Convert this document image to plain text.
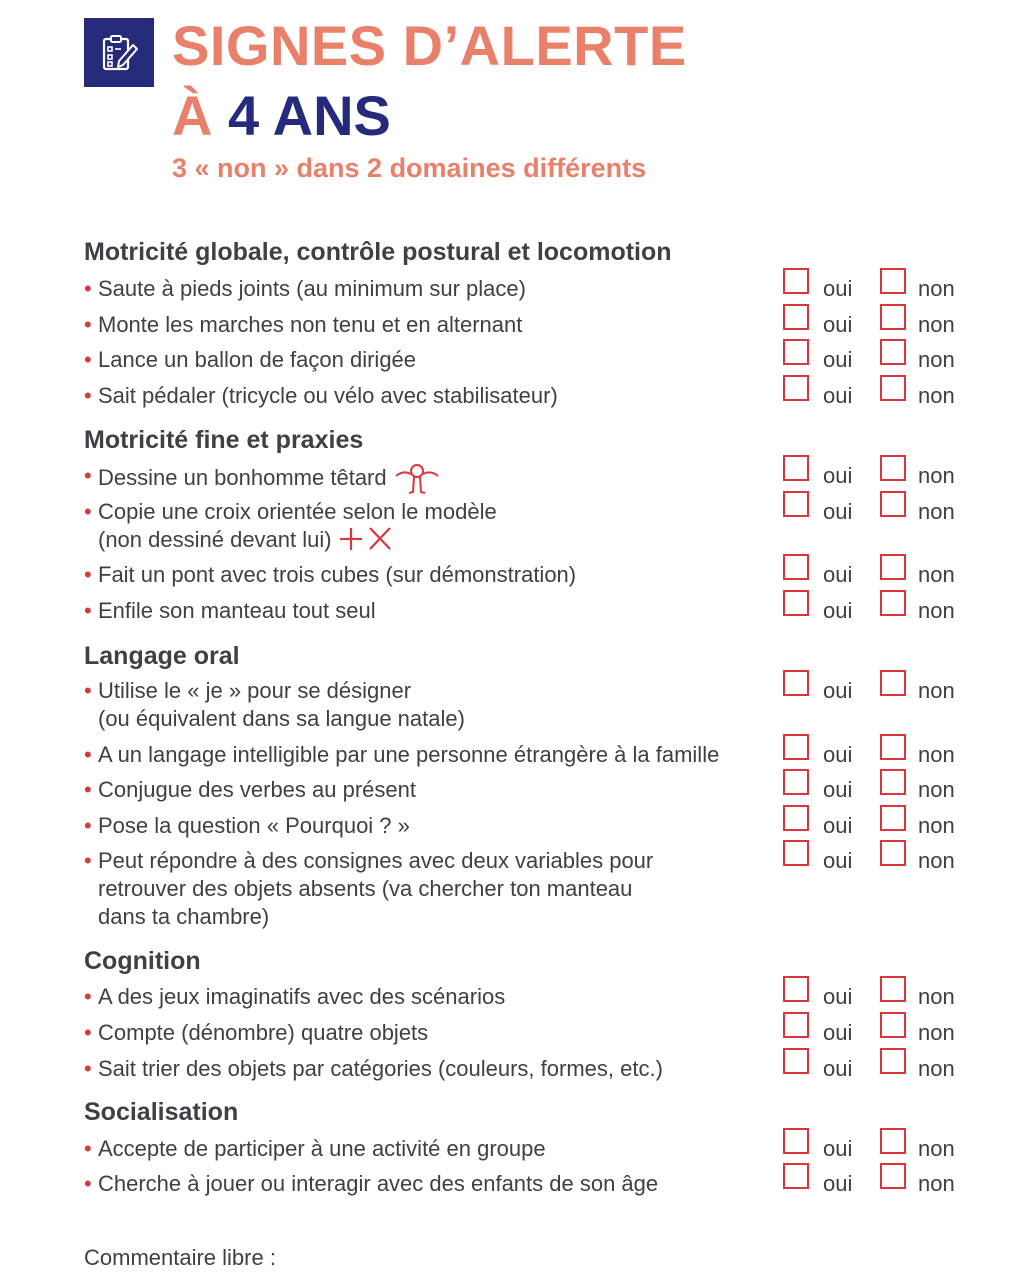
SIGNES D’ALERTE
À 4 ANS
3 « non » dans 2 domaines différents
Motricité globale, contrôle postural et locomotion
• Saute à pieds joints (au minimum sur place)	oui	non
• Monte les marches non tenu et en alternant	oui	non
• Lance un ballon de façon dirigée	oui	non
• Sait pédaler (tricycle ou vélo avec stabilisateur)	oui	non
Motricité fine et praxies
• Dessine un bonhomme têtard	oui	non
• Copie une croix orientée selon le modèle
(non dessiné devant lui)
oui	non
• Fait un pont avec trois cubes (sur démonstration)	oui	non
• Enfile son manteau tout seul	oui	non
Langage oral
• Utilise le « je » pour se désigner
(ou équivalent dans sa langue natale)
oui	non
• A un langage intelligible par une personne étrangère à la famille	oui	non
• Conjugue des verbes au présent	oui	non
• Pose la question « Pourquoi ? »	oui	non
• Peut répondre à des consignes avec deux variables pour
retrouver des objets absents (va chercher ton manteau
dans ta chambre)
oui	non
Cognition
• A des jeux imaginatifs avec des scénarios	oui	non
• Compte (dénombre) quatre objets	oui	non
• Sait trier des objets par catégories (couleurs, formes, etc.)	oui	non
Socialisation
• Accepte de participer à une activité en groupe	oui	non
• Cherche à jouer ou interagir avec des enfants de son âge	oui	non
Commentaire libre :
